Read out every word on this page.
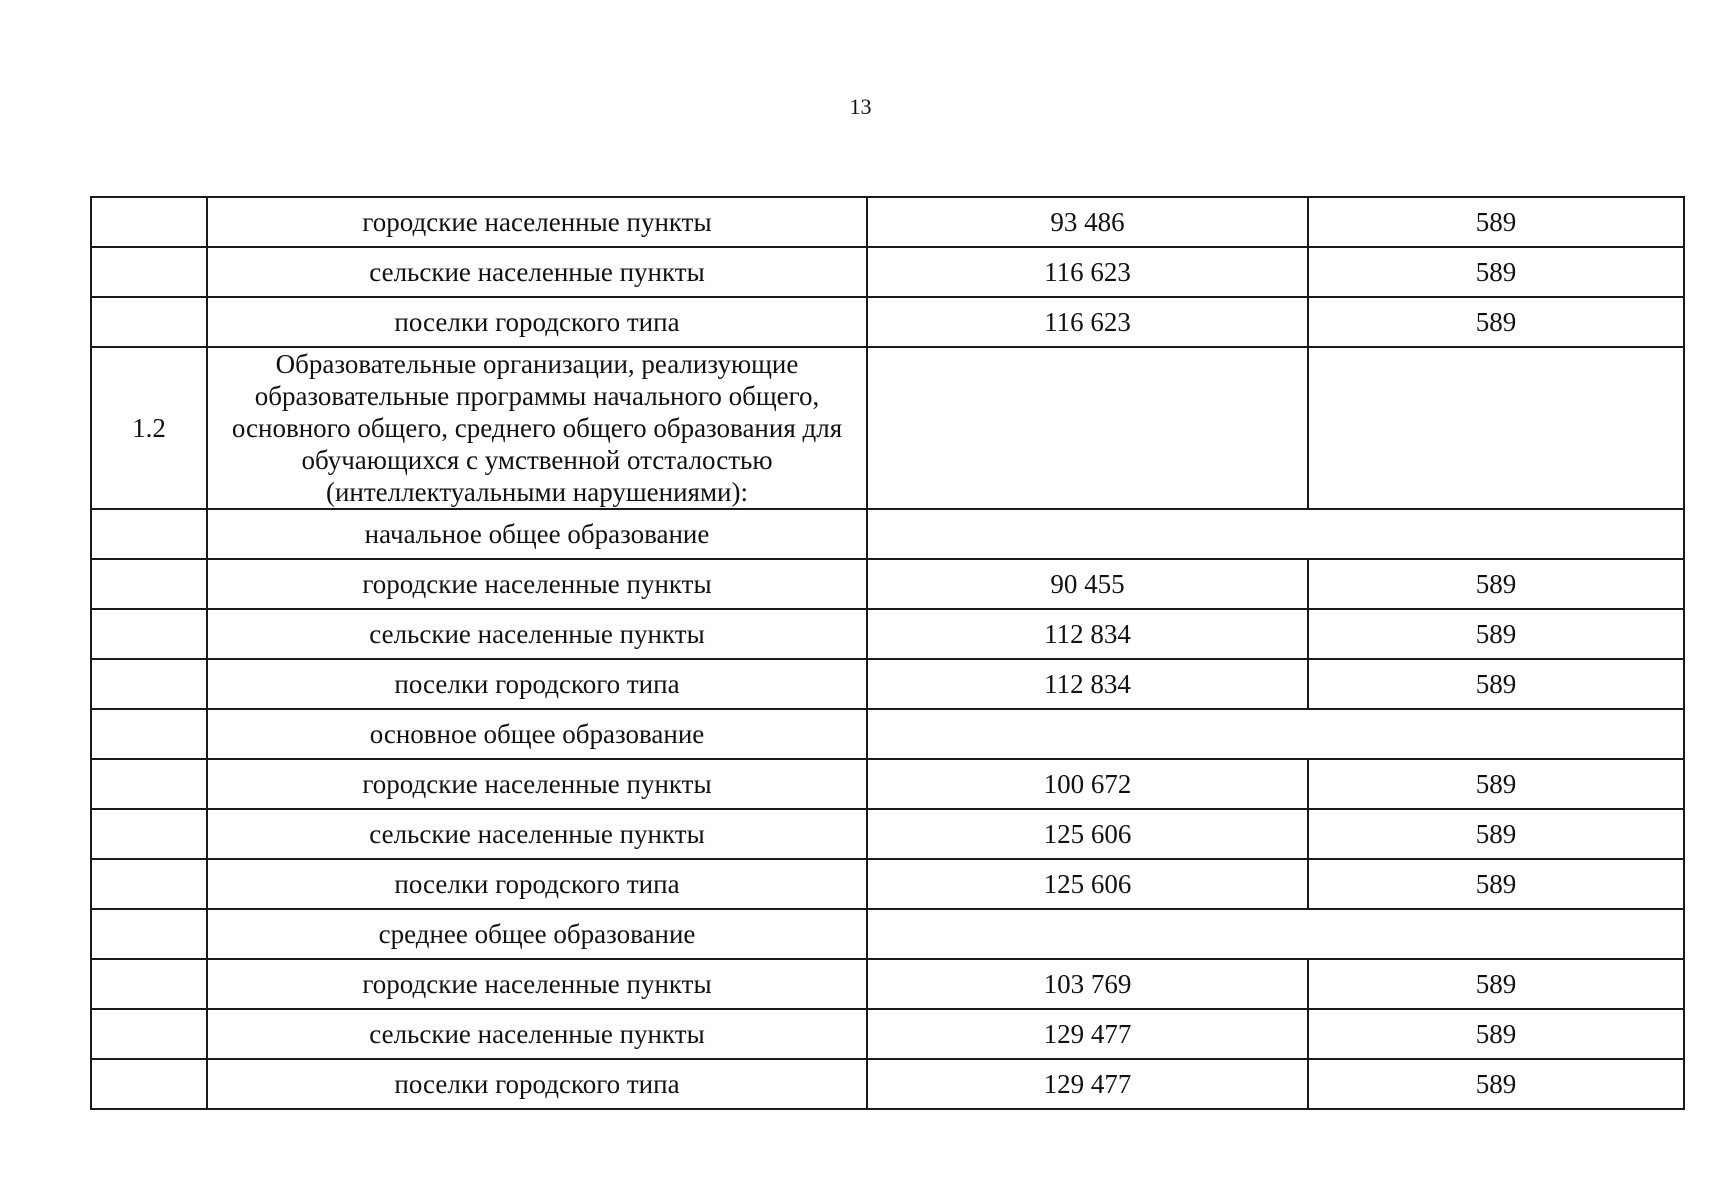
13
	городские населенные пункты	93 486	589
	сельские населенные пункты	116 623	589
	поселки городского типа	116 623	589
1.2	Образовательные организации, реализующие образовательные программы начального общего, основного общего, среднего общего образования для обучающихся с умственной отсталостью (интеллектуальными нарушениями):		
	начальное общее образование		
	городские населенные пункты	90 455	589
	сельские населенные пункты	112 834	589
	поселки городского типа	112 834	589
	основное общее образование		
	городские населенные пункты	100 672	589
	сельские населенные пункты	125 606	589
	поселки городского типа	125 606	589
	среднее общее образование		
	городские населенные пункты	103 769	589
	сельские населенные пункты	129 477	589
	поселки городского типа	129 477	589
